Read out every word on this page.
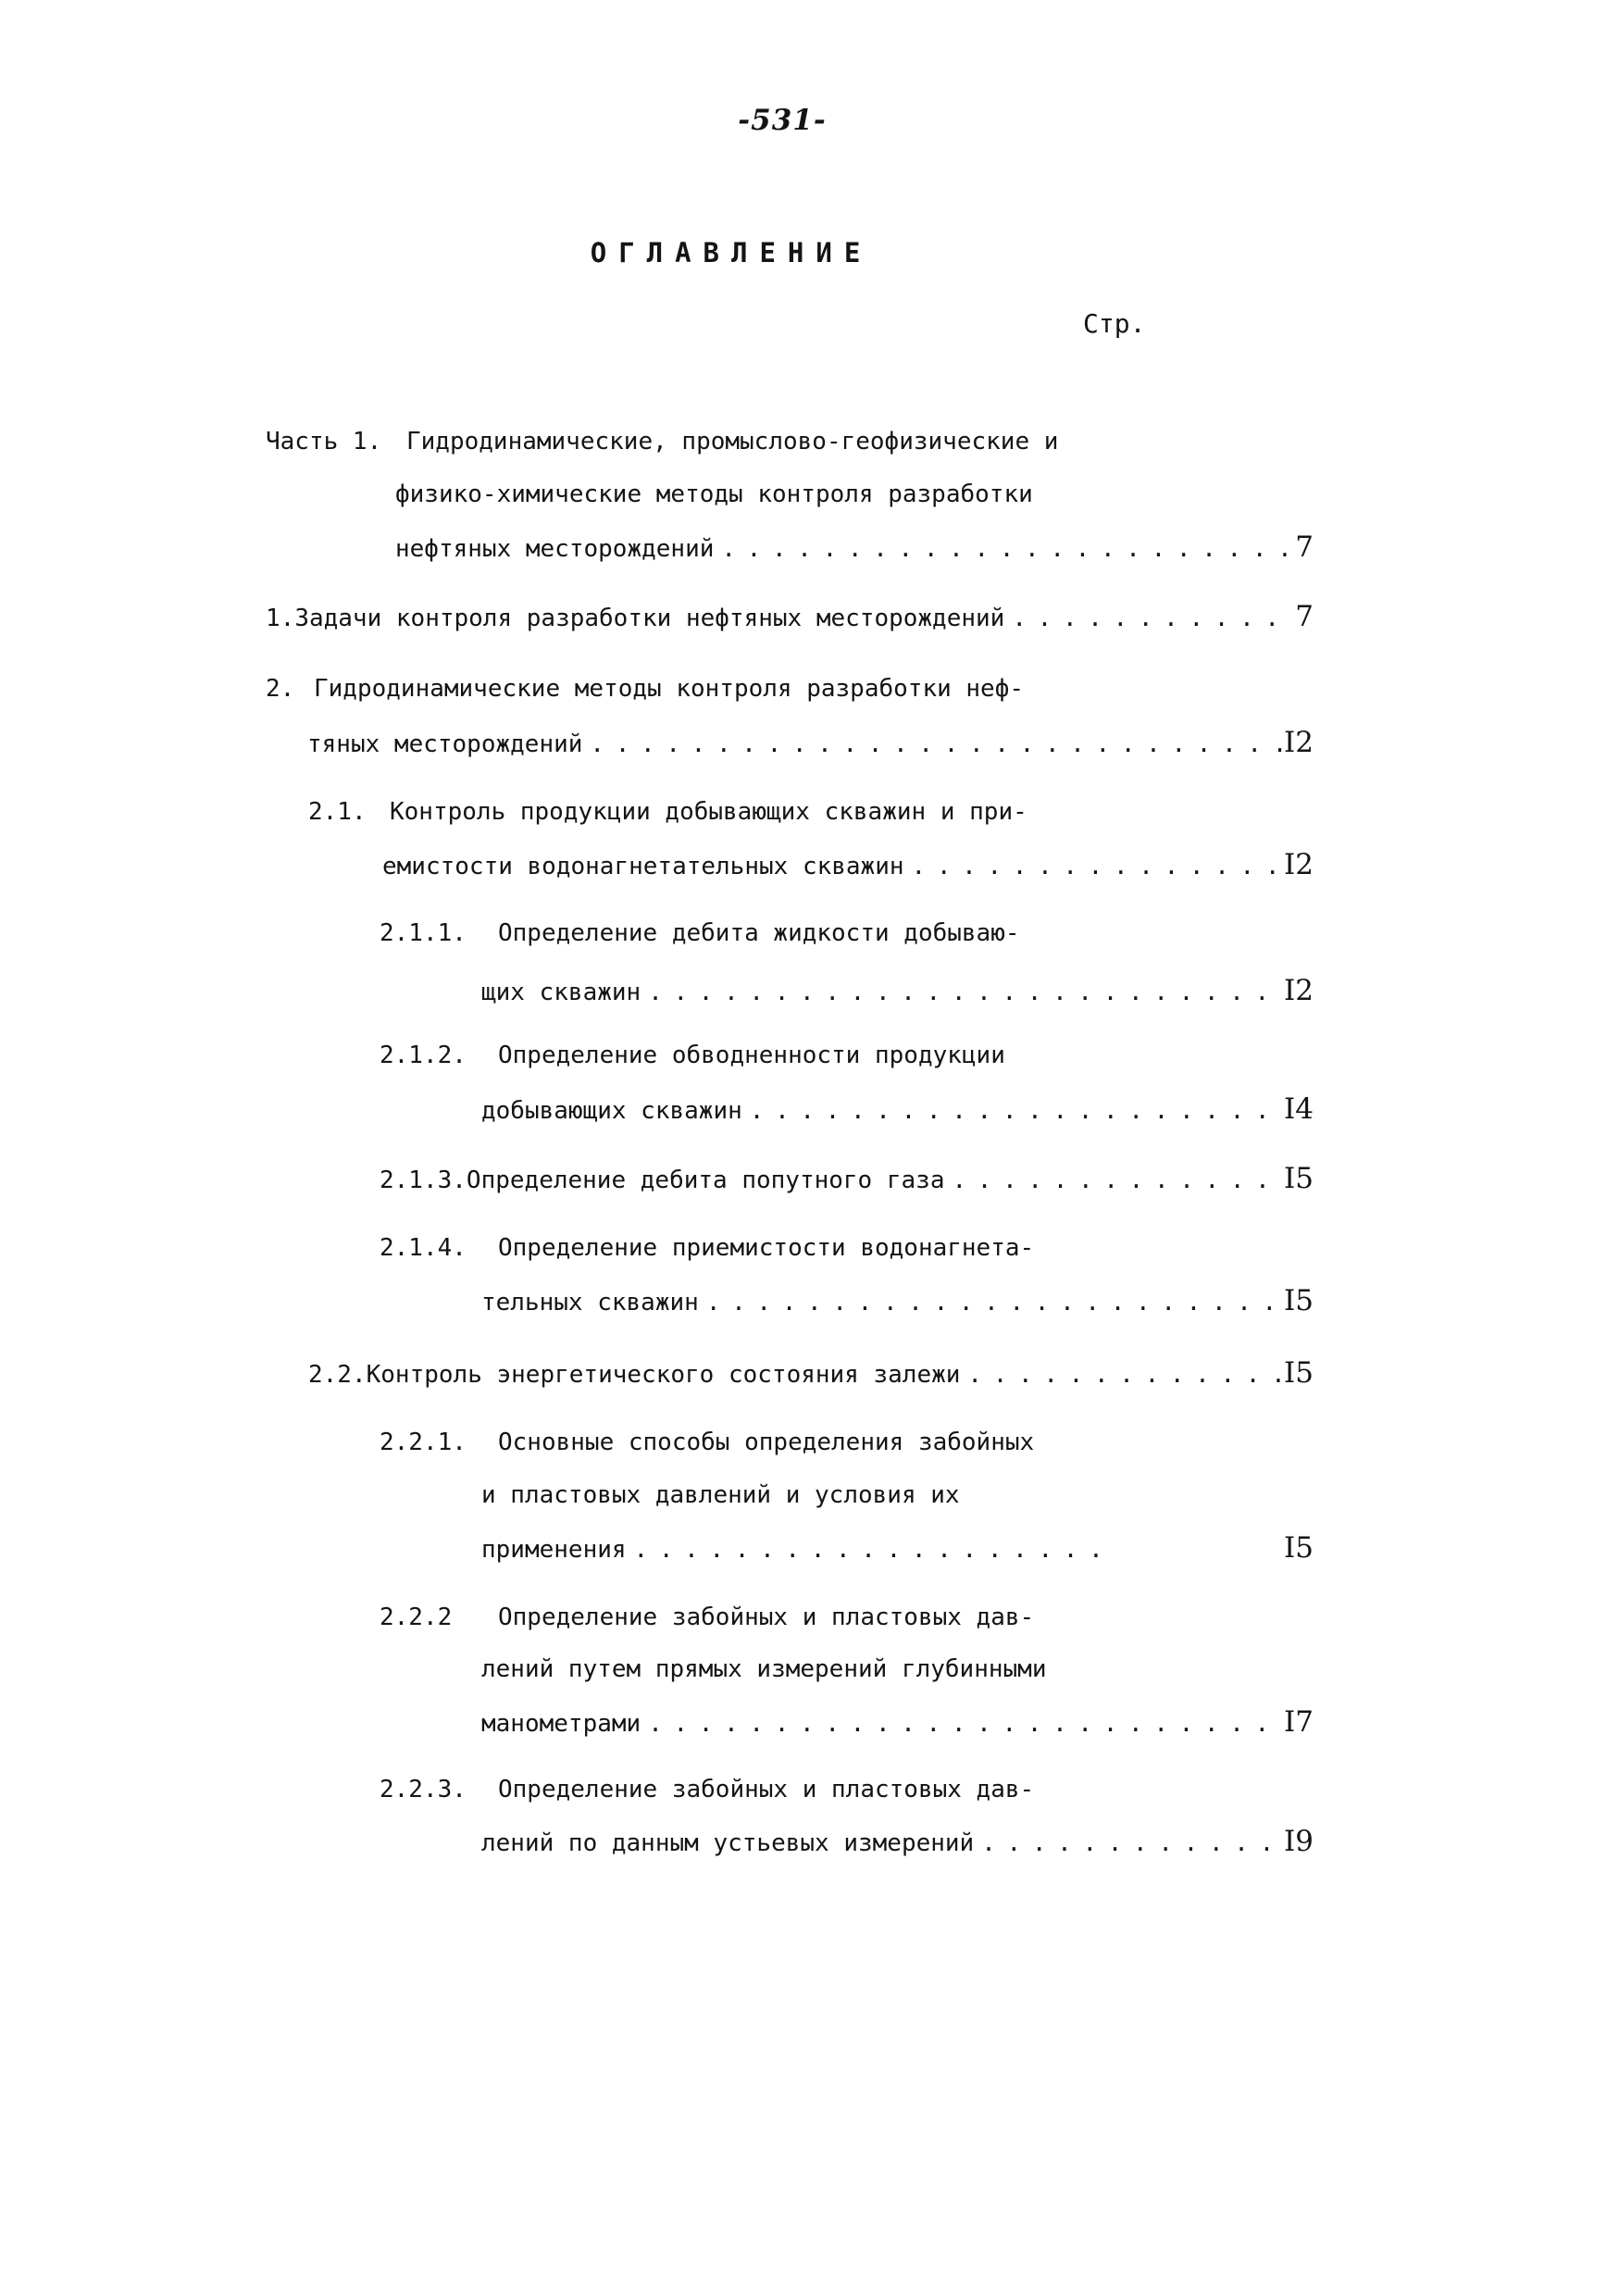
-531-
ОГЛАВЛЕНИЕ
Стр.
Часть 1.	Гидродинамические, промыслово-геофизические и
физико-химические методы контроля разработки
нефтяных месторождений . . .	7
1. Задачи контроля разработки нефтяных месторождений . . .	7
2. Гидродинамические методы контроля разработки неф-
тяных месторождений . . .	I2
2.1. Контроль продукции добывающих скважин и при-
емистости водонагнетательных скважин . . .	I2
2.1.1.	Определение дебита жидкости добываю-
щих скважин . . .	I2
2.1.2.	Определение обводненности продукции
добывающих скважин . . .	I4
2.1.3. Определение дебита попутного газа . . .	I5
2.1.4.	Определение приемистости водонагнета-
тельных скважин . . .	I5
2.2. Контроль энергетического состояния залежи . . .	I5
2.2.1.	Основные способы определения забойных
и пластовых давлений и условия их
применения . . .	I5
2.2.2	Определение забойных и пластовых дав-
лений путем прямых измерений глубинными
манометрами . . .	I7
2.2.3.	Определение забойных и пластовых дав-
лений по данным устьевых измерений . . .	I9
